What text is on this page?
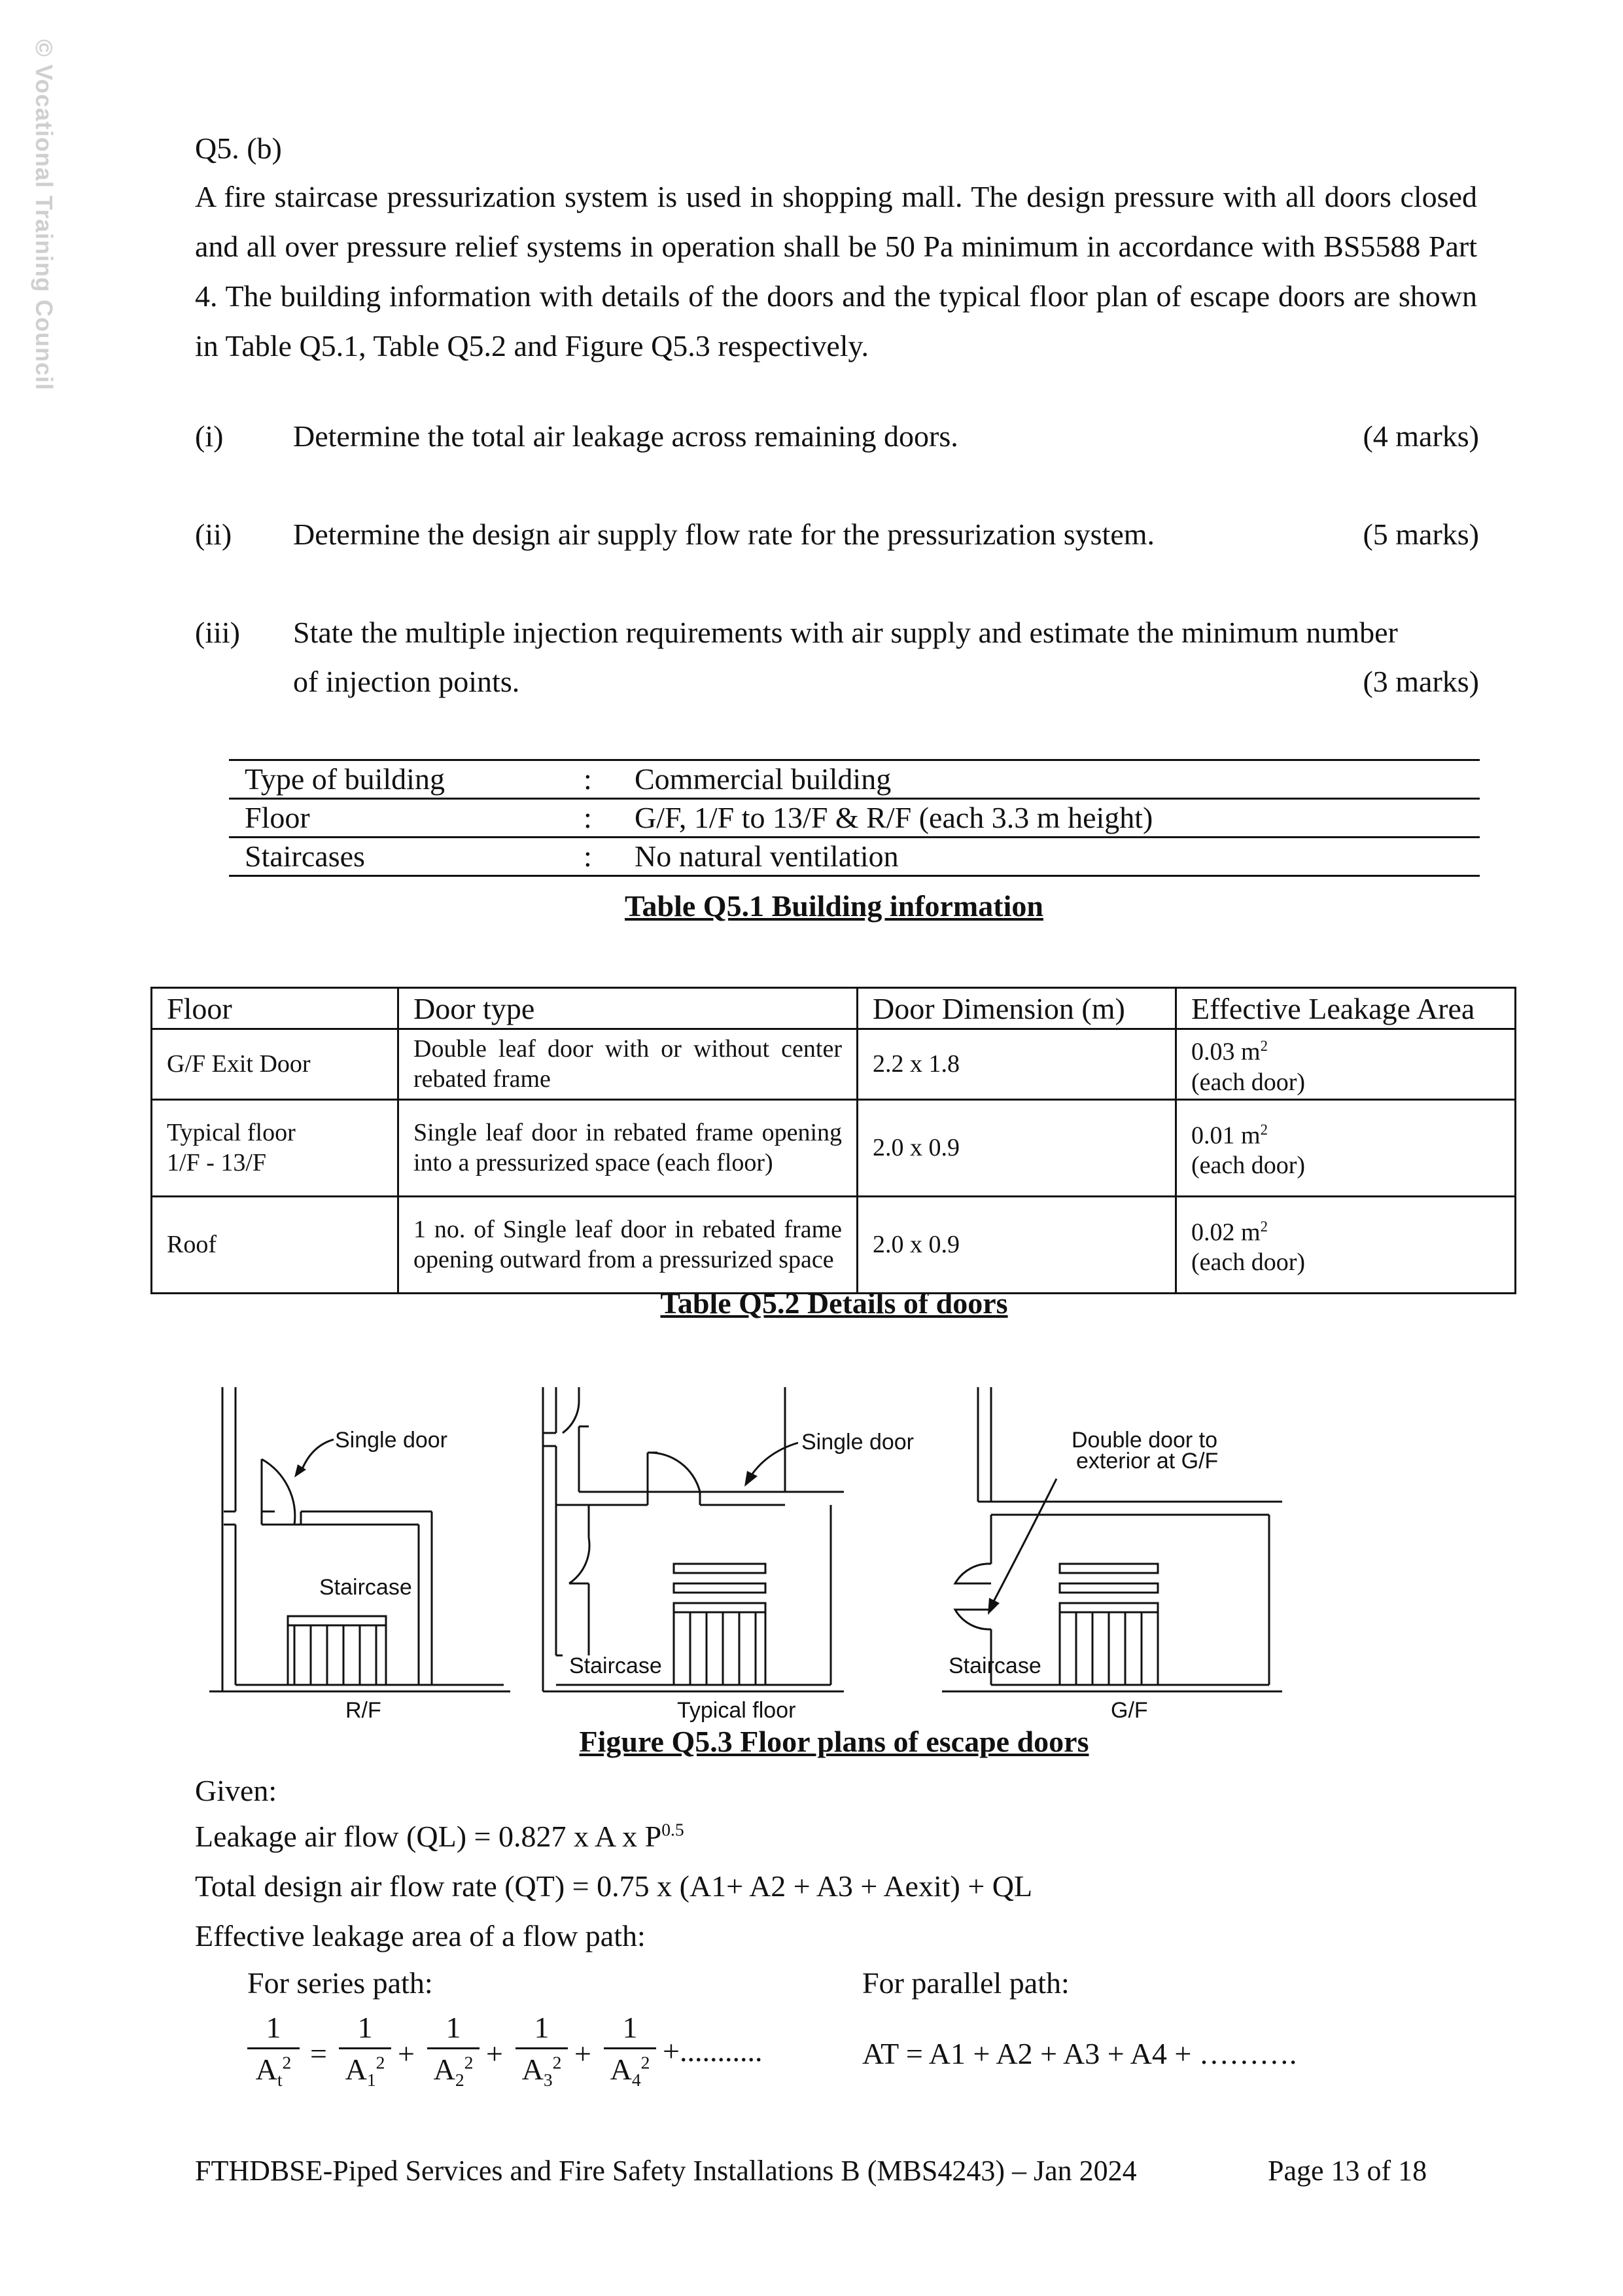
© Vocational Training Council	Q5. (b)
A fire staircase pressurization system is used in shopping mall. The design pressure with all doors closed and all over pressure relief systems in operation shall be 50 Pa minimum in accordance with BS5588 Part 4. The building information with details of the doors and the typical floor plan of escape doors are shown in Table Q5.1, Table Q5.2 and Figure Q5.3 respectively.
(i) Determine the total air leakage across remaining doors.	(4 marks)
(ii) Determine the design air supply flow rate for the pressurization system.	(5 marks)
(iii) State the multiple injection requirements with air supply and estimate the minimum number
of injection points.	(3 marks)
Type of building	:	Commercial building
Floor	:	G/F, 1/F to 13/F & R/F (each 3.3 m height)
Staircases	:	No natural ventilation
Table Q5.1 Building information
Floor	Door type	Door Dimension (m)	Effective Leakage Area
G/F Exit Door	Double leaf door with or without center rebated frame	2.2 x 1.8	0.03 $m^2$
(each door)
Typical floor
1/F - 13/F	Single leaf door in rebated frame opening into a pressurized space (each floor)	2.0 x 0.9	0.01 $m^2$
(each door)
Roof	1 no. of Single leaf door in rebated frame opening outward from a pressurized space	2.0 x 0.9	0.02 $m^2$
(each door)
Table Q5.2 Details of doors
Single door
Staircase
R/F
Single door
Staircase
Typical floor
Double door to
exterior at G/F
Staircase
G/F
Figure Q5.3 Floor plans of escape doors
Given:
Leakage air flow (QL) = 0.827 x A x $P^{0.5}$
Total design air flow rate (QT) = 0.75 x (A1+ A2 + A3 + Aexit) + QL
Effective leakage area of a flow path:
For series path:	For parallel path:
$\frac{1}{A_t^2} = \frac{1}{A_1^2} + \frac{1}{A_2^2} + \frac{1}{A_3^2} + \frac{1}{A_4^2}$ +...........	AT = A1 + A2 + A3 + A4 + ……….
FTHDBSE-Piped Services and Fire Safety Installations B (MBS4243) – Jan 2024	Page 13 of 18
